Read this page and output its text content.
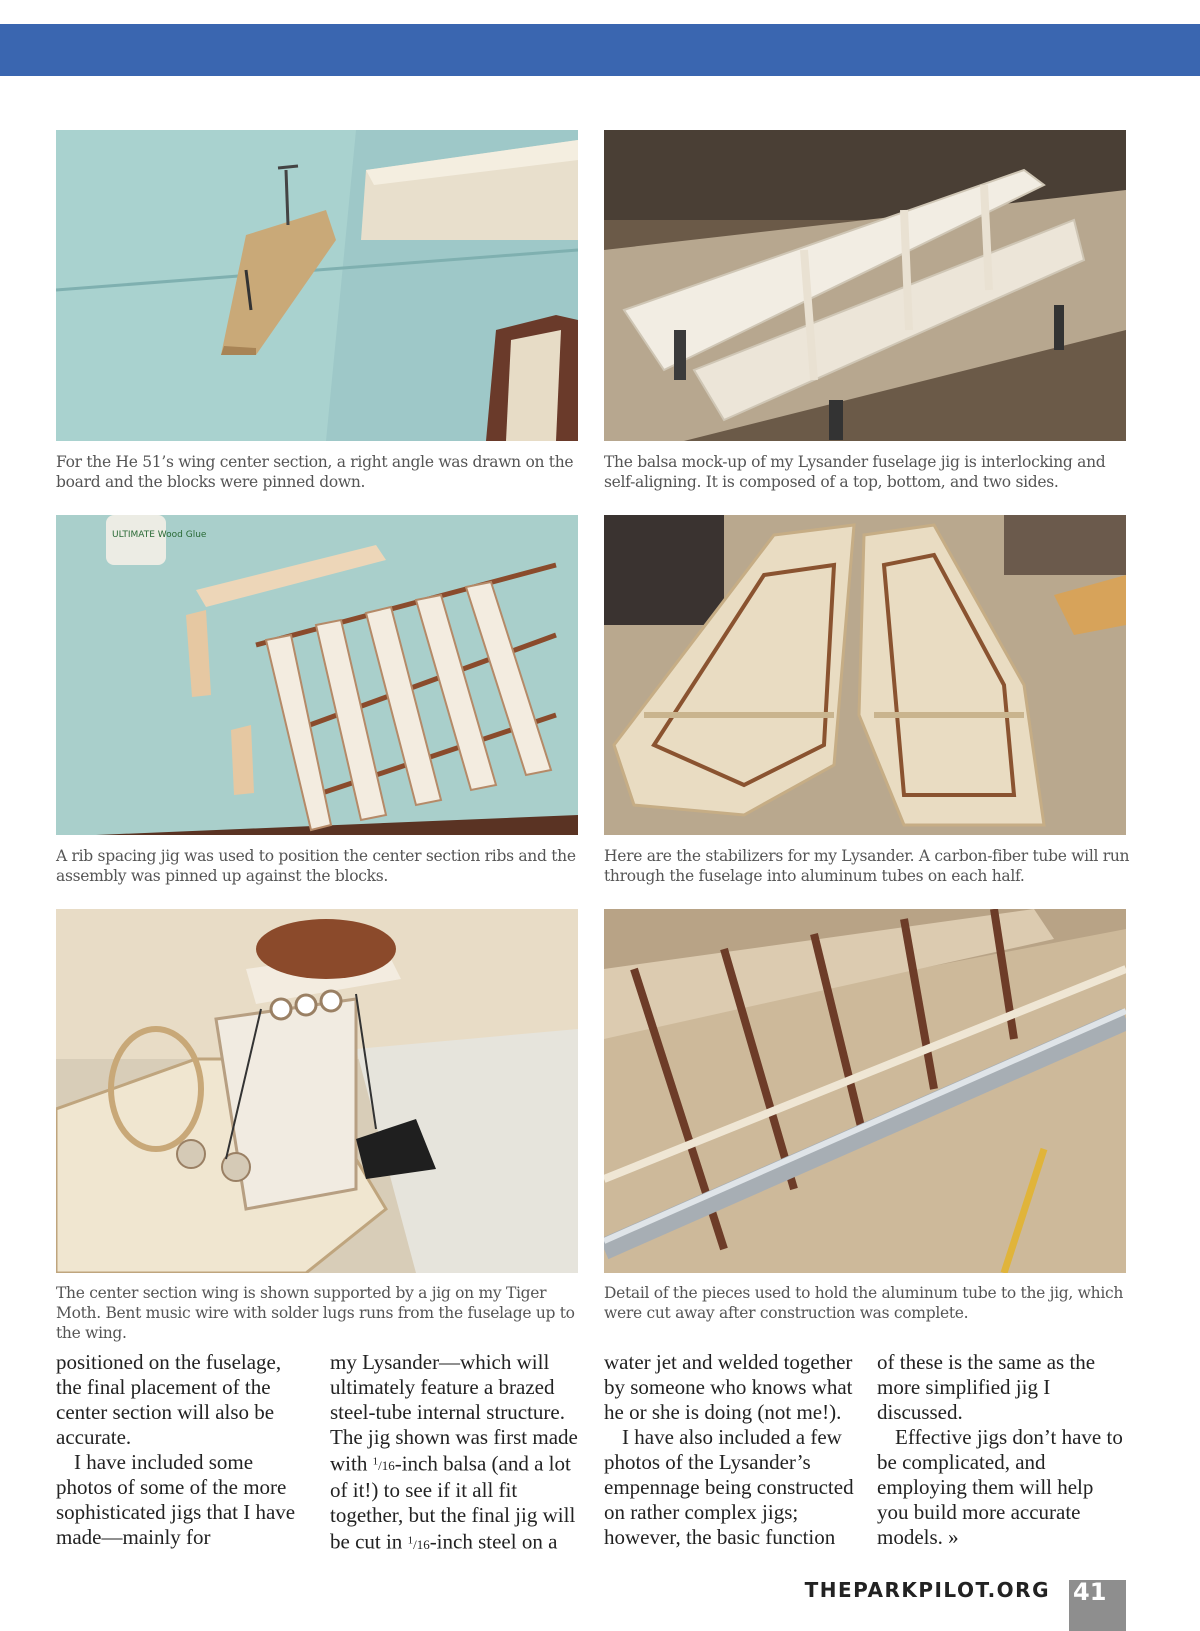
For the He 51’s wing center section, a right angle was drawn on the board and the blocks were pinned down.
The balsa mock-up of my Lysander fuselage jig is interlocking and self-aligning. It is composed of a top, bottom, and two sides.
ULTIMATE Wood Glue
A rib spacing jig was used to position the center section ribs and the assembly was pinned up against the blocks.
Here are the stabilizers for my Lysander. A carbon-fiber tube will run through the fuselage into aluminum tubes on each half.
The center section wing is shown supported by a jig on my Tiger Moth. Bent music wire with solder lugs runs from the fuselage up to the wing.
Detail of the pieces used to hold the aluminum tube to the jig, which were cut away after construction was complete.

positioned on the fuselage, the final placement of the center section will also be accurate.

I have included some photos of some of the more sophisticated jigs that I have made—mainly for

my Lysander—which will ultimately feature a brazed steel-tube internal structure. The jig shown was first made with $^1$/16-inch balsa (and a lot of it!) to see if it all fit together, but the final jig will be cut in $^1$/16-inch steel on a

water jet and welded together by someone who knows what he or she is doing (not me!).

I have also included a few photos of the Lysander’s empennage being constructed on rather complex jigs; however, the basic function

of these is the same as the more simplified jig I discussed.

Effective jigs don’t have to be complicated, and employing them will help you build more accurate models. »

THEPARKPILOT.ORG 41
